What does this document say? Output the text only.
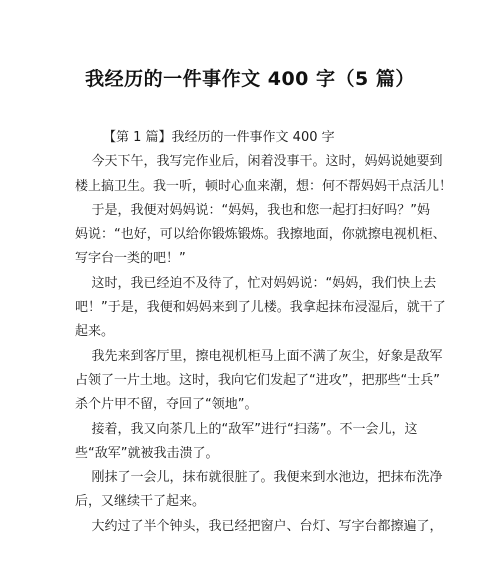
我经历的一件事作文 400 字（5 篇）
【第 1 篇】我经历的一件事作文 400 字
今天下午，我写完作业后，闲着没事干。这时，妈妈说她要到
楼上搞卫生。我一听，顿时心血来潮，想：何不帮妈妈干点活儿！
于是，我便对妈妈说：“妈妈，我也和您一起打扫好吗？”妈
妈说：“也好，可以给你锻炼锻炼。我擦地面，你就擦电视机柜、
写字台一类的吧！”
这时，我已经迫不及待了，忙对妈妈说：“妈妈，我们快上去
吧！”于是，我便和妈妈来到了儿楼。我拿起抹布浸湿后，就干了
起来。
我先来到客厅里，擦电视机柜马上面不满了灰尘，好象是敌军
占领了一片土地。这时，我向它们发起了“进攻”，把那些“士兵”
杀个片甲不留，夺回了“领地”。
接着，我又向茶几上的“敌军”进行“扫荡”。不一会儿，这
些“敌军”就被我击溃了。
刚抹了一会儿，抹布就很脏了。我便来到水池边，把抹布洗净
后，又继续干了起来。
大约过了半个钟头，我已经把窗户、台灯、写字台都擦遍了，
